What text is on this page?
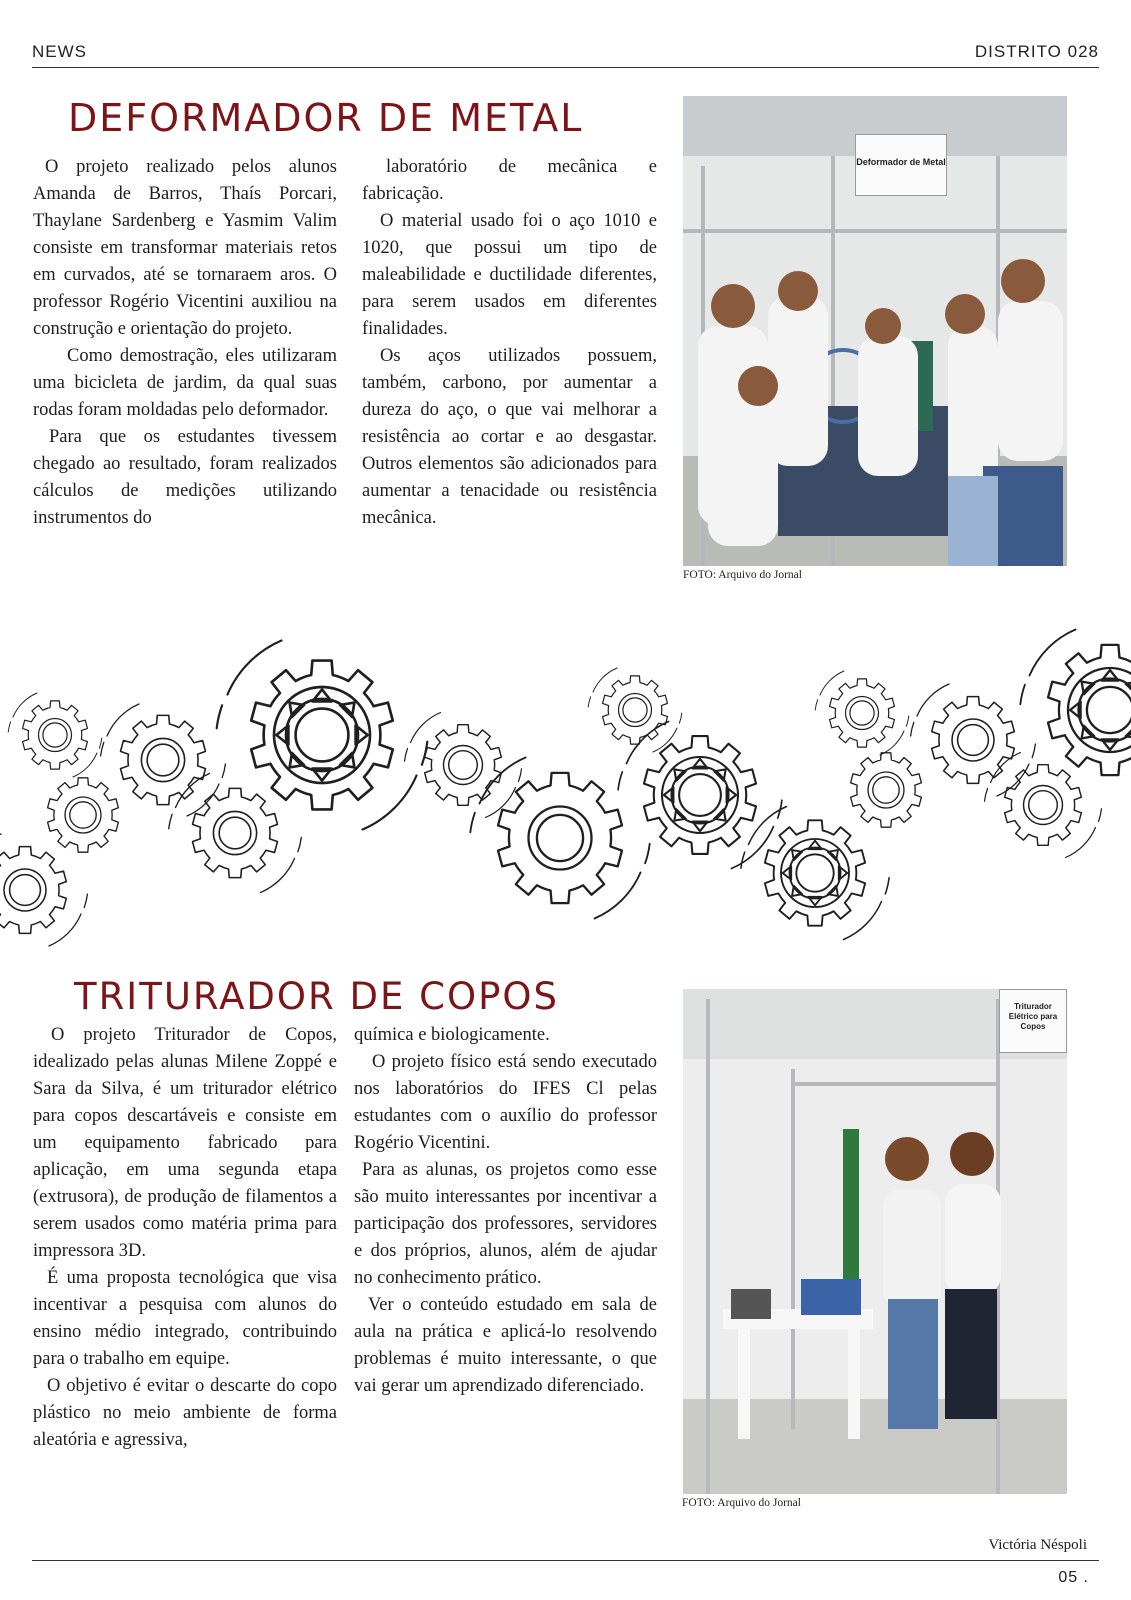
NEWS	DISTRITO 028
DEFORMADOR DE METAL

O projeto realizado pelos alunos Amanda de Barros, Thaís Porcari, Thaylane Sardenberg e Yasmim Valim consiste em transformar materiais retos em curvados, até se tornaraem aros. O professor Rogério Vicentini auxiliou na construção e orientação do projeto.

Como demostração, eles utilizaram uma bicicleta de jardim, da qual suas rodas foram moldadas pelo deformador.

Para que os estudantes tivessem chegado ao resultado, foram realizados cálculos de medições utilizando instrumentos do

laboratório de mecânica e fabricação.

O material usado foi o aço 1010 e 1020, que possui um tipo de maleabilidade e ductilidade diferentes, para serem usados em diferentes finalidades.

Os aços utilizados possuem, também, carbono, por aumentar a dureza do aço, o que vai melhorar a resistência ao cortar e ao desgastar. Outros elementos são adicionados para aumentar a tenacidade ou resistência mecânica.

Deformador de Metal
FOTO: Arquivo do Jornal
TRITURADOR DE COPOS

O projeto Triturador de Copos, idealizado pelas alunas Milene Zoppé e Sara da Silva, é um triturador elétrico para copos descartáveis e consiste em um equipamento fabricado para aplicação, em uma segunda etapa (extrusora), de produção de filamentos a serem usados como matéria prima para impressora 3D.

É uma proposta tecnológica que visa incentivar a pesquisa com alunos do ensino médio integrado, contribuindo para o trabalho em equipe.

O objetivo é evitar o descarte do copo plástico no meio ambiente de forma aleatória e agressiva,

química e biologicamente.

O projeto físico está sendo executado nos laboratórios do IFES Cl pelas estudantes com o auxílio do professor Rogério Vicentini.

Para as alunas, os projetos como esse são muito interessantes por incentivar a participação dos professores, servidores e dos próprios, alunos, além de ajudar no conhecimento prático.

Ver o conteúdo estudado em sala de aula na prática e aplicá-lo resolvendo problemas é muito interessante, o que vai gerar um aprendizado diferenciado.

Triturador Elétrico para Copos
FOTO: Arquivo do Jornal
Victória Néspoli
05 .
